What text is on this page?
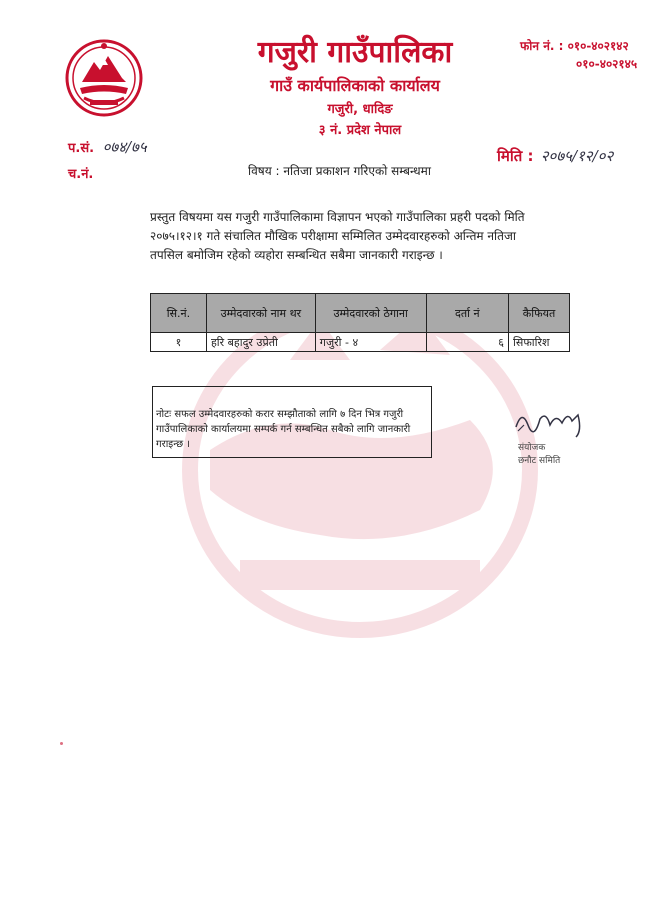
गजुरी गाउँपालिका
गाउँ कार्यपालिकाको कार्यालय
गजुरी, धादिङ
३ नं. प्रदेश नेपाल
फोन नं. : ०१०-४०२१४२
०१०-४०२१४५
प.सं. ०७४/७५
च.नं.
मिति : २०७५/१२/०२
विषय : नतिजा प्रकाशन गरिएको सम्बन्धमा
प्रस्तुत विषयमा यस गजुरी गाउँपालिकामा विज्ञापन भएको गाउँपालिका प्रहरी पदको मिति २०७५।१२।१ गते संचालित मौखिक परीक्षामा सम्मिलित उम्मेदवारहरुको अन्तिम नतिजा तपसिल बमोजिम रहेको व्यहोरा सम्बन्धित सबैमा जानकारी गराइन्छ ।
सि.नं.	उम्मेदवारको नाम थर	उम्मेदवारको ठेगाना	दर्ता नं	कैफियत
१	हरि बहादुर उप्रेती	गजुरी - ४	६	सिफारिश
नोटः सफल उम्मेदवारहरुको करार सम्झौताको लागि ७ दिन भित्र गजुरी गाउँपालिकाको कार्यालयमा सम्पर्क गर्न सम्बन्धित सबैको लागि जानकारी गराइन्छ ।	संयोजक
छनौट समिति
